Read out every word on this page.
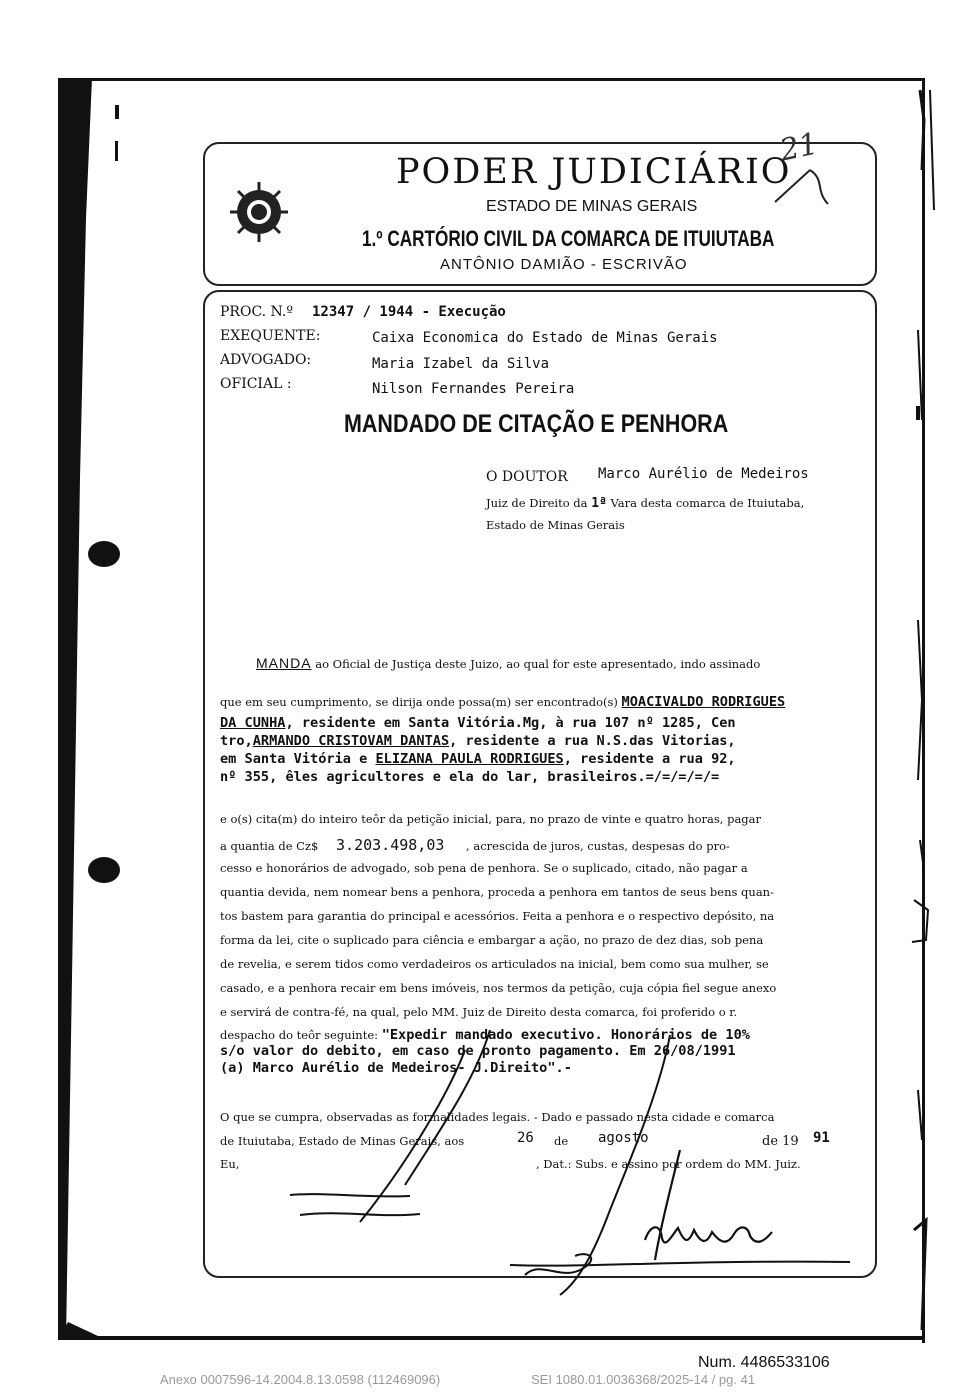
PODER JUDICIÁRIO
21
ESTADO DE MINAS GERAIS
1.º CARTÓRIO CIVIL DA COMARCA DE ITUIUTABA
ANTÔNIO DAMIÃO - ESCRIVÃO
PROC. N.º 12347 / 1944 - Execução
EXEQUENTE:	Caixa Economica do Estado de Minas Gerais
ADVOGADO:	Maria Izabel da Silva
OFICIAL :	Nilson Fernandes Pereira
MANDADO DE CITAÇÃO E PENHORA
O DOUTOR Marco Aurélio de Medeiros
Juiz de Direito da 1ª Vara desta comarca de Ituiutaba,
Estado de Minas Gerais
MANDA ao Oficial de Justiça deste Juizo, ao qual for este apresentado, indo assinado
que em seu cumprimento, se dirija onde possa(m) ser encontrado(s) MOACIVALDO RODRIGUES
DA CUNHA, residente em Santa Vitória.Mg, à rua 107 nº 1285, Cen
tro,ARMANDO CRISTOVAM DANTAS, residente a rua N.S.das Vitorias,
em Santa Vitória e ELIZANA PAULA RODRIGUES, residente a rua 92,
nº 355, êles agricultores e ela do lar, brasileiros.=/=/=/=/=
e o(s) cita(m) do inteiro teôr da petição inicial, para, no prazo de vinte e quatro horas, pagar
a quantia de Cz$ 3.203.498,03 , acrescida de juros, custas, despesas do pro-
cesso e honorários de advogado, sob pena de penhora. Se o suplicado, citado, não pagar a
quantia devida, nem nomear bens a penhora, proceda a penhora em tantos de seus bens quan-
tos bastem para garantia do principal e acessórios. Feita a penhora e o respectivo depósito, na
forma da lei, cite o suplicado para ciência e embargar a ação, no prazo de dez dias, sob pena
de revelia, e serem tidos como verdadeiros os articulados na inicial, bem como sua mulher, se
casado, e a penhora recair em bens imóveis, nos termos da petição, cuja cópia fiel segue anexo
e servirá de contra-fé, na qual, pelo MM. Juiz de Direito desta comarca, foi proferido o r.
despacho do teôr seguinte: "Expedir mandado executivo. Honorários de 10%
s/o valor do debito, em caso de pronto pagamento. Em 26/08/1991
(a) Marco Aurélio de Medeiros- J.Direito".-
O que se cumpra, observadas as formalidades legais. - Dado e passado nesta cidade e comarca
de Ituiutaba, Estado de Minas Gerais, aos	26 de agosto	de 19 91
Eu,	, Dat.: Subs. e assino por ordem do MM. Juiz.
Num. 4486533106
Anexo 0007596-14.2004.8.13.0598 (112469096)	SEI 1080.01.0036368/2025-14 / pg. 41
